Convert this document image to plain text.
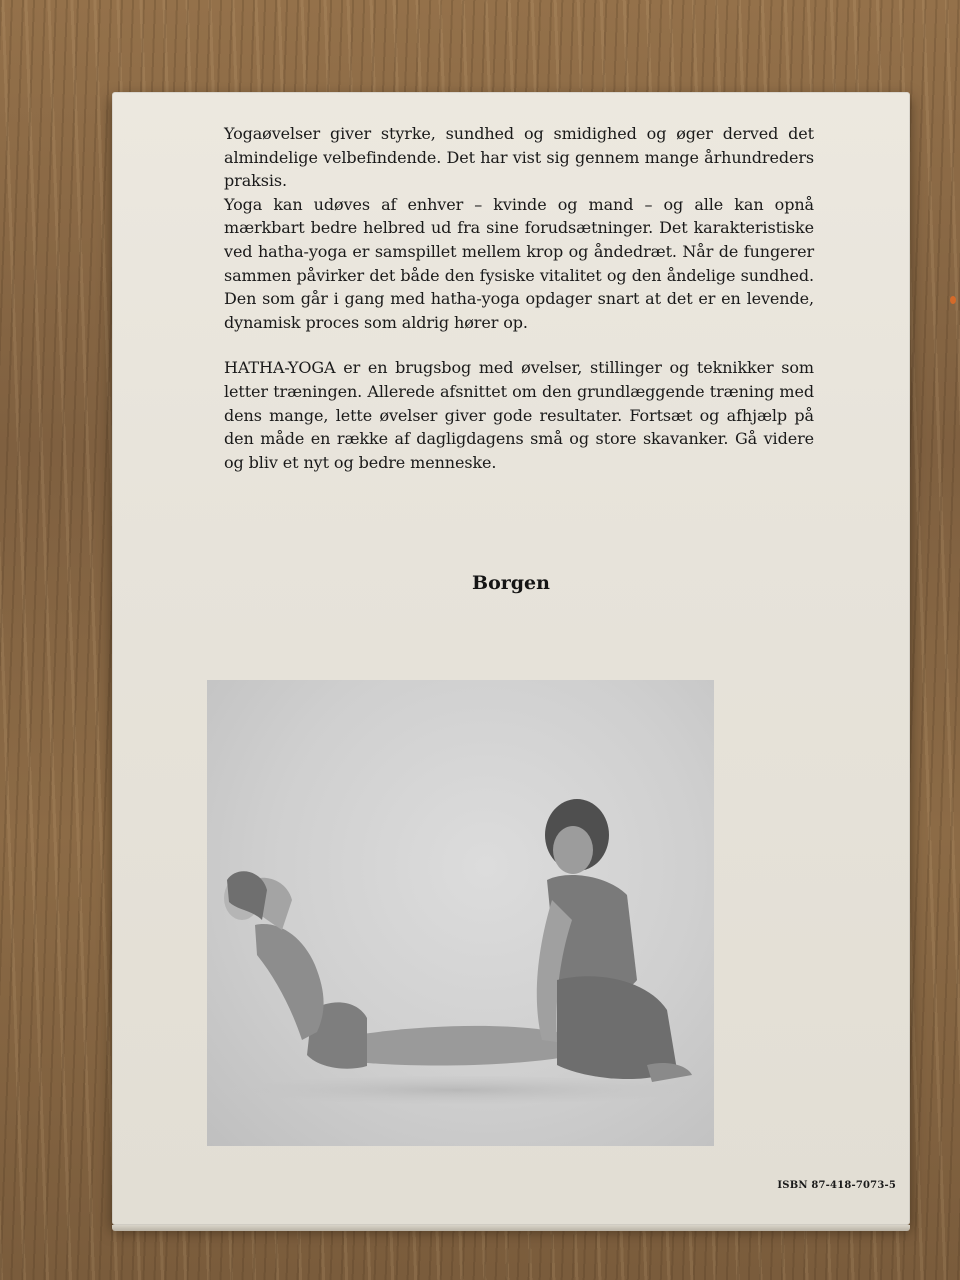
Yogaøvelser giver styrke, sundhed og smidighed og øger derved det almindelige velbefindende. Det har vist sig gennem mange århundreders praksis.

Yoga kan udøves af enhver – kvinde og mand – og alle kan opnå mærkbart bedre helbred ud fra sine forudsætninger. Det karakteristiske ved hatha-yoga er samspillet mellem krop og åndedræt. Når de fungerer sammen påvirker det både den fysiske vitalitet og den åndelige sundhed. Den som går i gang med hatha-yoga opdager snart at det er en levende, dynamisk proces som aldrig hører op.

HATHA-YOGA er en brugsbog med øvelser, stillinger og teknikker som letter træningen. Allerede afsnittet om den grundlæggende træning med dens mange, lette øvelser giver gode resultater. Fortsæt og afhjælp på den måde en række af dagligdagens små og store skavanker. Gå videre og bliv et nyt og bedre menneske.

Borgen
ISBN 87-418-7073-5
